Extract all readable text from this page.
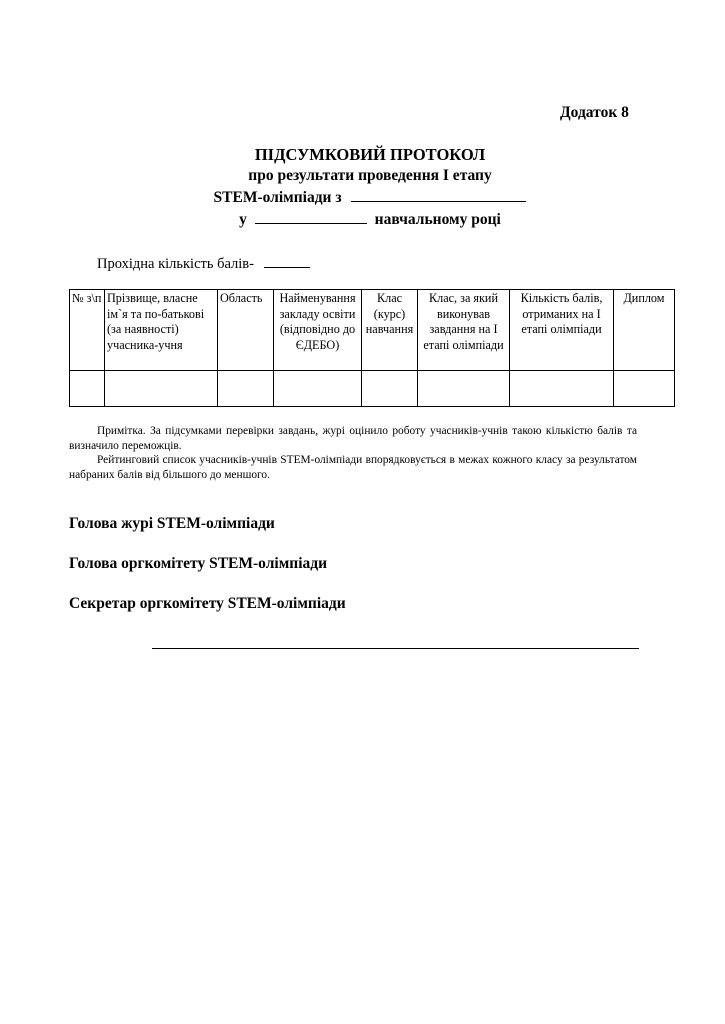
Додаток 8
ПІДСУМКОВИЙ ПРОТОКОЛ
про результати проведення І етапу
STEM-олімпіади з
у	навчальному році
Прохідна кількість балів-
№ з\п	Прізвище, власне ім`я та по-батькові (за наявності) учасника-учня	Область	Найменування закладу освіти (відповідно до ЄДЕБО)	Клас (курс) навчання	Клас, за який виконував завдання на І етапі олімпіади	Кількість балів, отриманих на І етапі олімпіади	Диплом

Примітка. За підсумками перевірки завдань, журі оцінило роботу учасників-учнів такою кількістю балів та визначило переможців.

Рейтинговий список учасників-учнів STEM-олімпіади впорядковується в межах кожного класу за результатом набраних балів від більшого до меншого.

Голова журі STEM-олімпіади
Голова оргкомітету STEM-олімпіади
Секретар оргкомітету STEM-олімпіади
